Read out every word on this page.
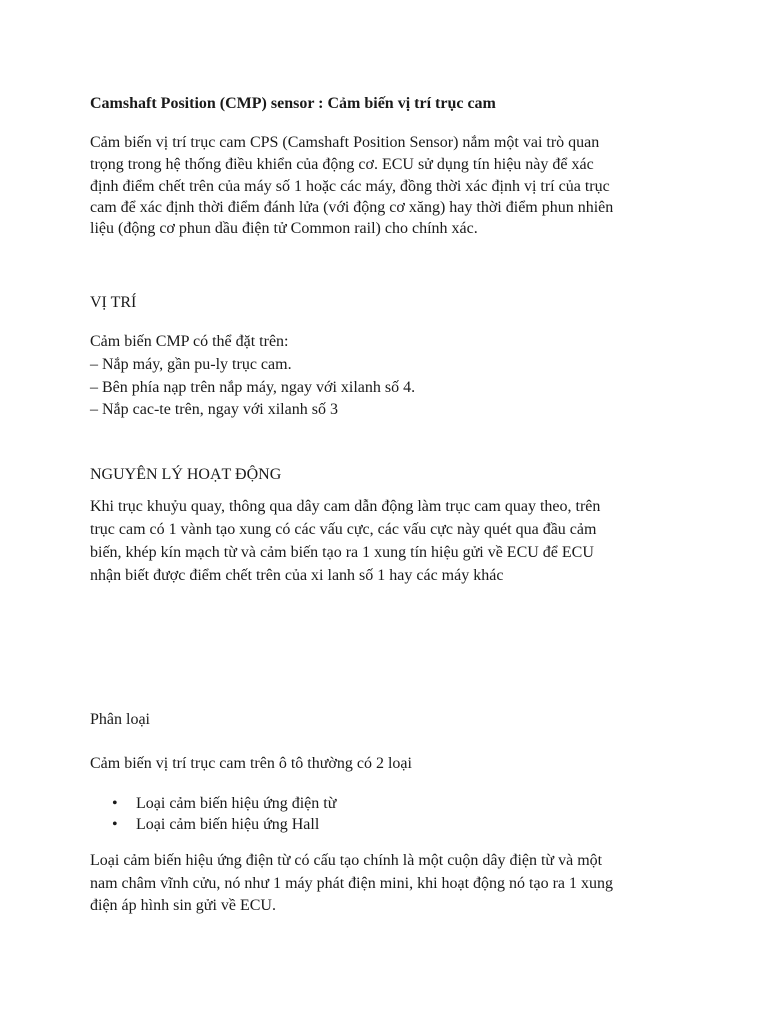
Camshaft Position (CMP) sensor : Cảm biến vị trí trục cam
Cảm biến vị trí trục cam CPS (Camshaft Position Sensor) nắm một vai trò quan
trọng trong hệ thống điều khiển của động cơ. ECU sử dụng tín hiệu này để xác
định điểm chết trên của máy số 1 hoặc các máy, đồng thời xác định vị trí của trục
cam để xác định thời điểm đánh lửa (với động cơ xăng) hay thời điểm phun nhiên
liệu (động cơ phun dầu điện tử Common rail) cho chính xác.
VỊ TRÍ
Cảm biến CMP có thể đặt trên:
– Nắp máy, gần pu-ly trục cam.
– Bên phía nạp trên nắp máy, ngay với xilanh số 4.
– Nắp cac-te trên, ngay với xilanh số 3
NGUYÊN LÝ HOẠT ĐỘNG
Khi trục khuỷu quay, thông qua dây cam dẫn động làm trục cam quay theo, trên
trục cam có 1 vành tạo xung có các vấu cực, các vấu cực này quét qua đầu cảm
biến, khép kín mạch từ và cảm biến tạo ra 1 xung tín hiệu gửi về ECU để ECU
nhận biết được điểm chết trên của xi lanh số 1 hay các máy khác
Phân loại
Cảm biến vị trí trục cam trên ô tô thường có 2 loại
• Loại cảm biến hiệu ứng điện từ
• Loại cảm biến hiệu ứng Hall
Loại cảm biến hiệu ứng điện từ có cấu tạo chính là một cuộn dây điện từ và một
nam châm vĩnh cửu, nó như 1 máy phát điện mini, khi hoạt động nó tạo ra 1 xung
điện áp hình sin gửi về ECU.
